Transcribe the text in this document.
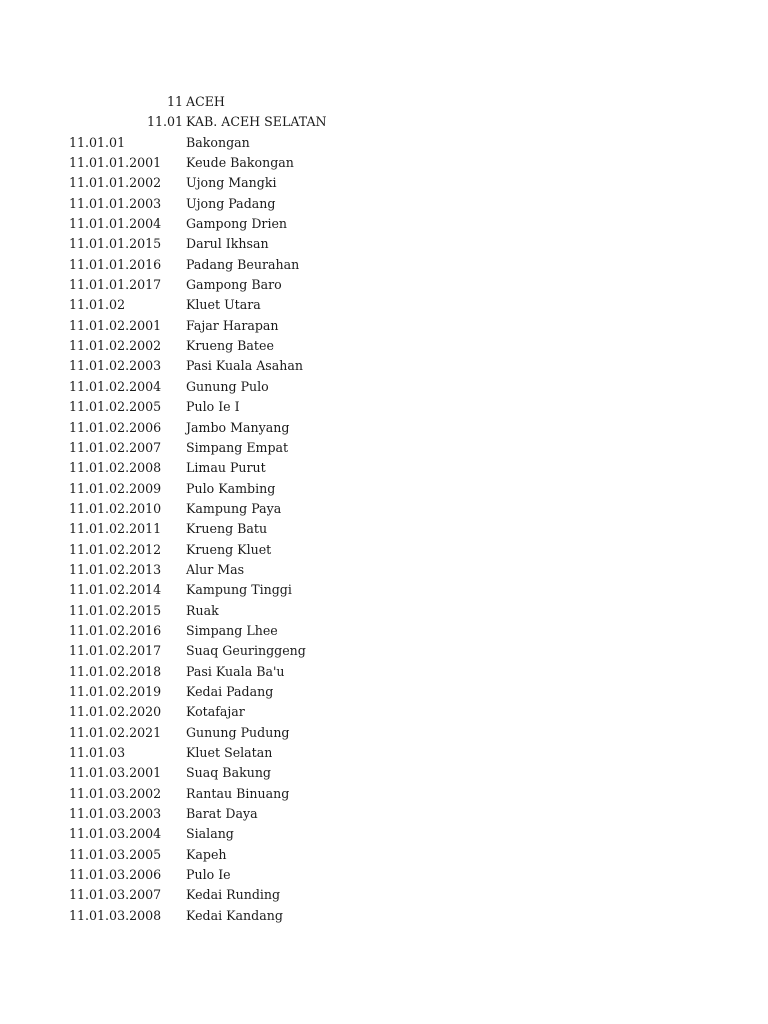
11 ACEH
11.01 KAB. ACEH SELATAN
11.01.01	Bakongan
11.01.01.2001 Keude Bakongan
11.01.01.2002 Ujong Mangki
11.01.01.2003 Ujong Padang
11.01.01.2004 Gampong Drien
11.01.01.2015 Darul Ikhsan
11.01.01.2016 Padang Beurahan
11.01.01.2017 Gampong Baro
11.01.02	Kluet Utara
11.01.02.2001 Fajar Harapan
11.01.02.2002 Krueng Batee
11.01.02.2003 Pasi Kuala Asahan
11.01.02.2004 Gunung Pulo
11.01.02.2005 Pulo Ie I
11.01.02.2006 Jambo Manyang
11.01.02.2007 Simpang Empat
11.01.02.2008 Limau Purut
11.01.02.2009 Pulo Kambing
11.01.02.2010 Kampung Paya
11.01.02.2011 Krueng Batu
11.01.02.2012 Krueng Kluet
11.01.02.2013 Alur Mas
11.01.02.2014 Kampung Tinggi
11.01.02.2015 Ruak
11.01.02.2016 Simpang Lhee
11.01.02.2017 Suaq Geuringgeng
11.01.02.2018 Pasi Kuala Ba'u
11.01.02.2019 Kedai Padang
11.01.02.2020 Kotafajar
11.01.02.2021 Gunung Pudung
11.01.03	Kluet Selatan
11.01.03.2001 Suaq Bakung
11.01.03.2002 Rantau Binuang
11.01.03.2003 Barat Daya
11.01.03.2004 Sialang
11.01.03.2005 Kapeh
11.01.03.2006 Pulo Ie
11.01.03.2007 Kedai Runding
11.01.03.2008 Kedai Kandang
